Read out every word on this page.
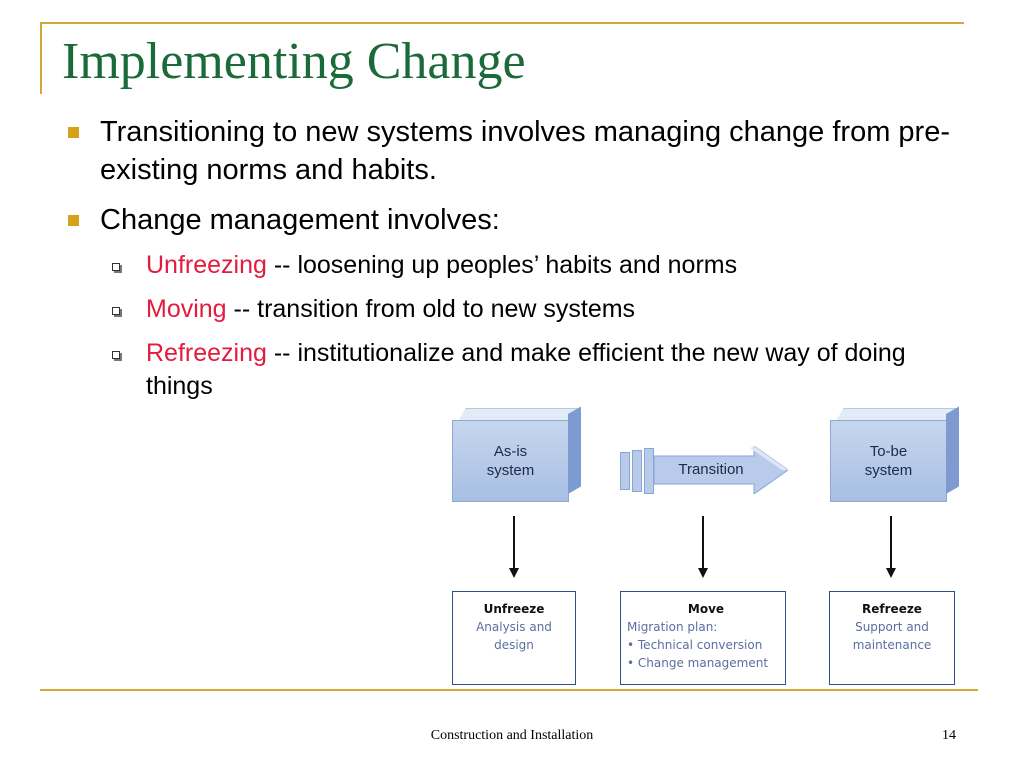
Implementing Change
Transitioning to new systems involves managing change from pre-existing norms and habits.
Change management involves:
Unfreezing -- loosening up peoples’ habits and norms
Moving -- transition from old to new systems
Refreezing -- institutionalize and make efficient the new way of doing things
As-is
system	Transition
To-be
system
Unfreeze
Analysis and
design
Move
Migration plan:
• Technical conversion
• Change management
Refreeze
Support and
maintenance
Construction and Installation	14
